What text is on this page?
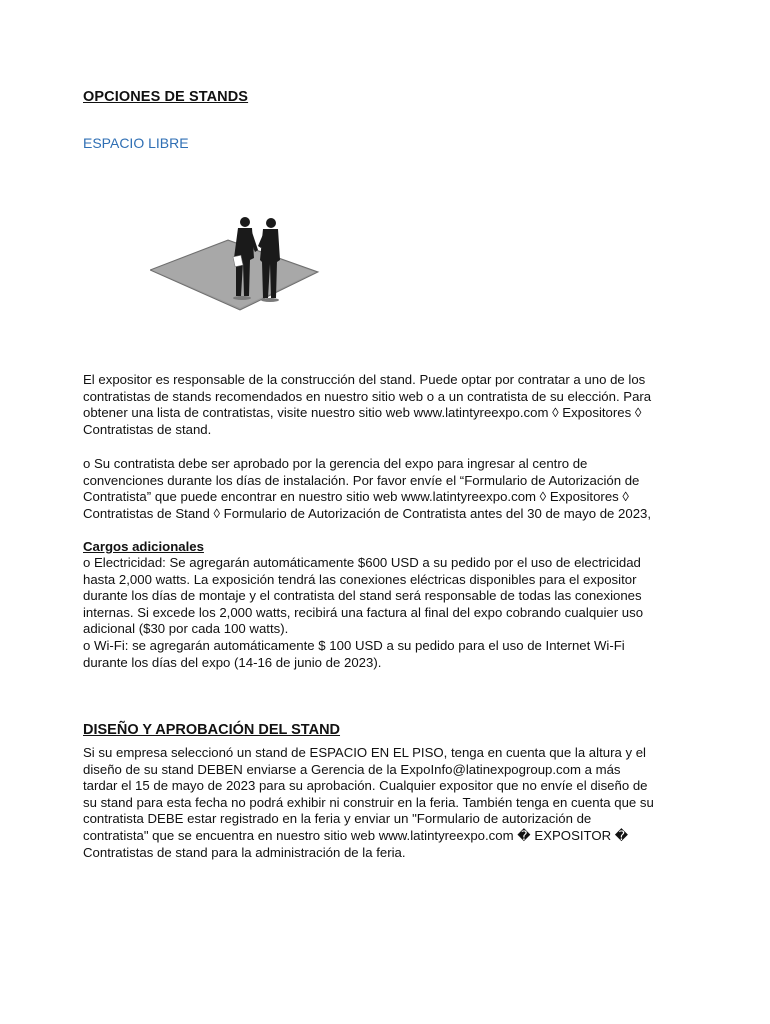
OPCIONES DE STANDS
ESPACIO LIBRE

El expositor es responsable de la construcción del stand. Puede optar por contratar a uno de los
contratistas de stands recomendados en nuestro sitio web o a un contratista de su elección. Para
obtener una lista de contratistas, visite nuestro sitio web www.latintyreexpo.com ◊ Expositores ◊
Contratistas de stand.

o Su contratista debe ser aprobado por la gerencia del expo para ingresar al centro de
convenciones durante los días de instalación. Por favor envíe el “Formulario de Autorización de
Contratista” que puede encontrar en nuestro sitio web www.latintyreexpo.com ◊ Expositores ◊
Contratistas de Stand ◊ Formulario de Autorización de Contratista antes del 30 de mayo de 2023,

Cargos adicionales

o Electricidad: Se agregarán automáticamente $600 USD a su pedido por el uso de electricidad
hasta 2,000 watts. La exposición tendrá las conexiones eléctricas disponibles para el expositor
durante los días de montaje y el contratista del stand será responsable de todas las conexiones
internas. Si excede los 2,000 watts, recibirá una factura al final del expo cobrando cualquier uso
adicional ($30 por cada 100 watts).
o Wi-Fi: se agregarán automáticamente $ 100 USD a su pedido para el uso de Internet Wi-Fi
durante los días del expo (14-16 de junio de 2023).

DISEÑO Y APROBACIÓN DEL STAND

Si su empresa seleccionó un stand de ESPACIO EN EL PISO, tenga en cuenta que la altura y el
diseño de su stand DEBEN enviarse a Gerencia de la ExpoInfo@latinexpogroup.com a más
tardar el 15 de mayo de 2023 para su aprobación. Cualquier expositor que no envíe el diseño de
su stand para esta fecha no podrá exhibir ni construir en la feria. También tenga en cuenta que su
contratista DEBE estar registrado en la feria y enviar un "Formulario de autorización de
contratista" que se encuentra en nuestro sitio web www.latintyreexpo.com � EXPOSITOR �
Contratistas de stand para la administración de la feria.
